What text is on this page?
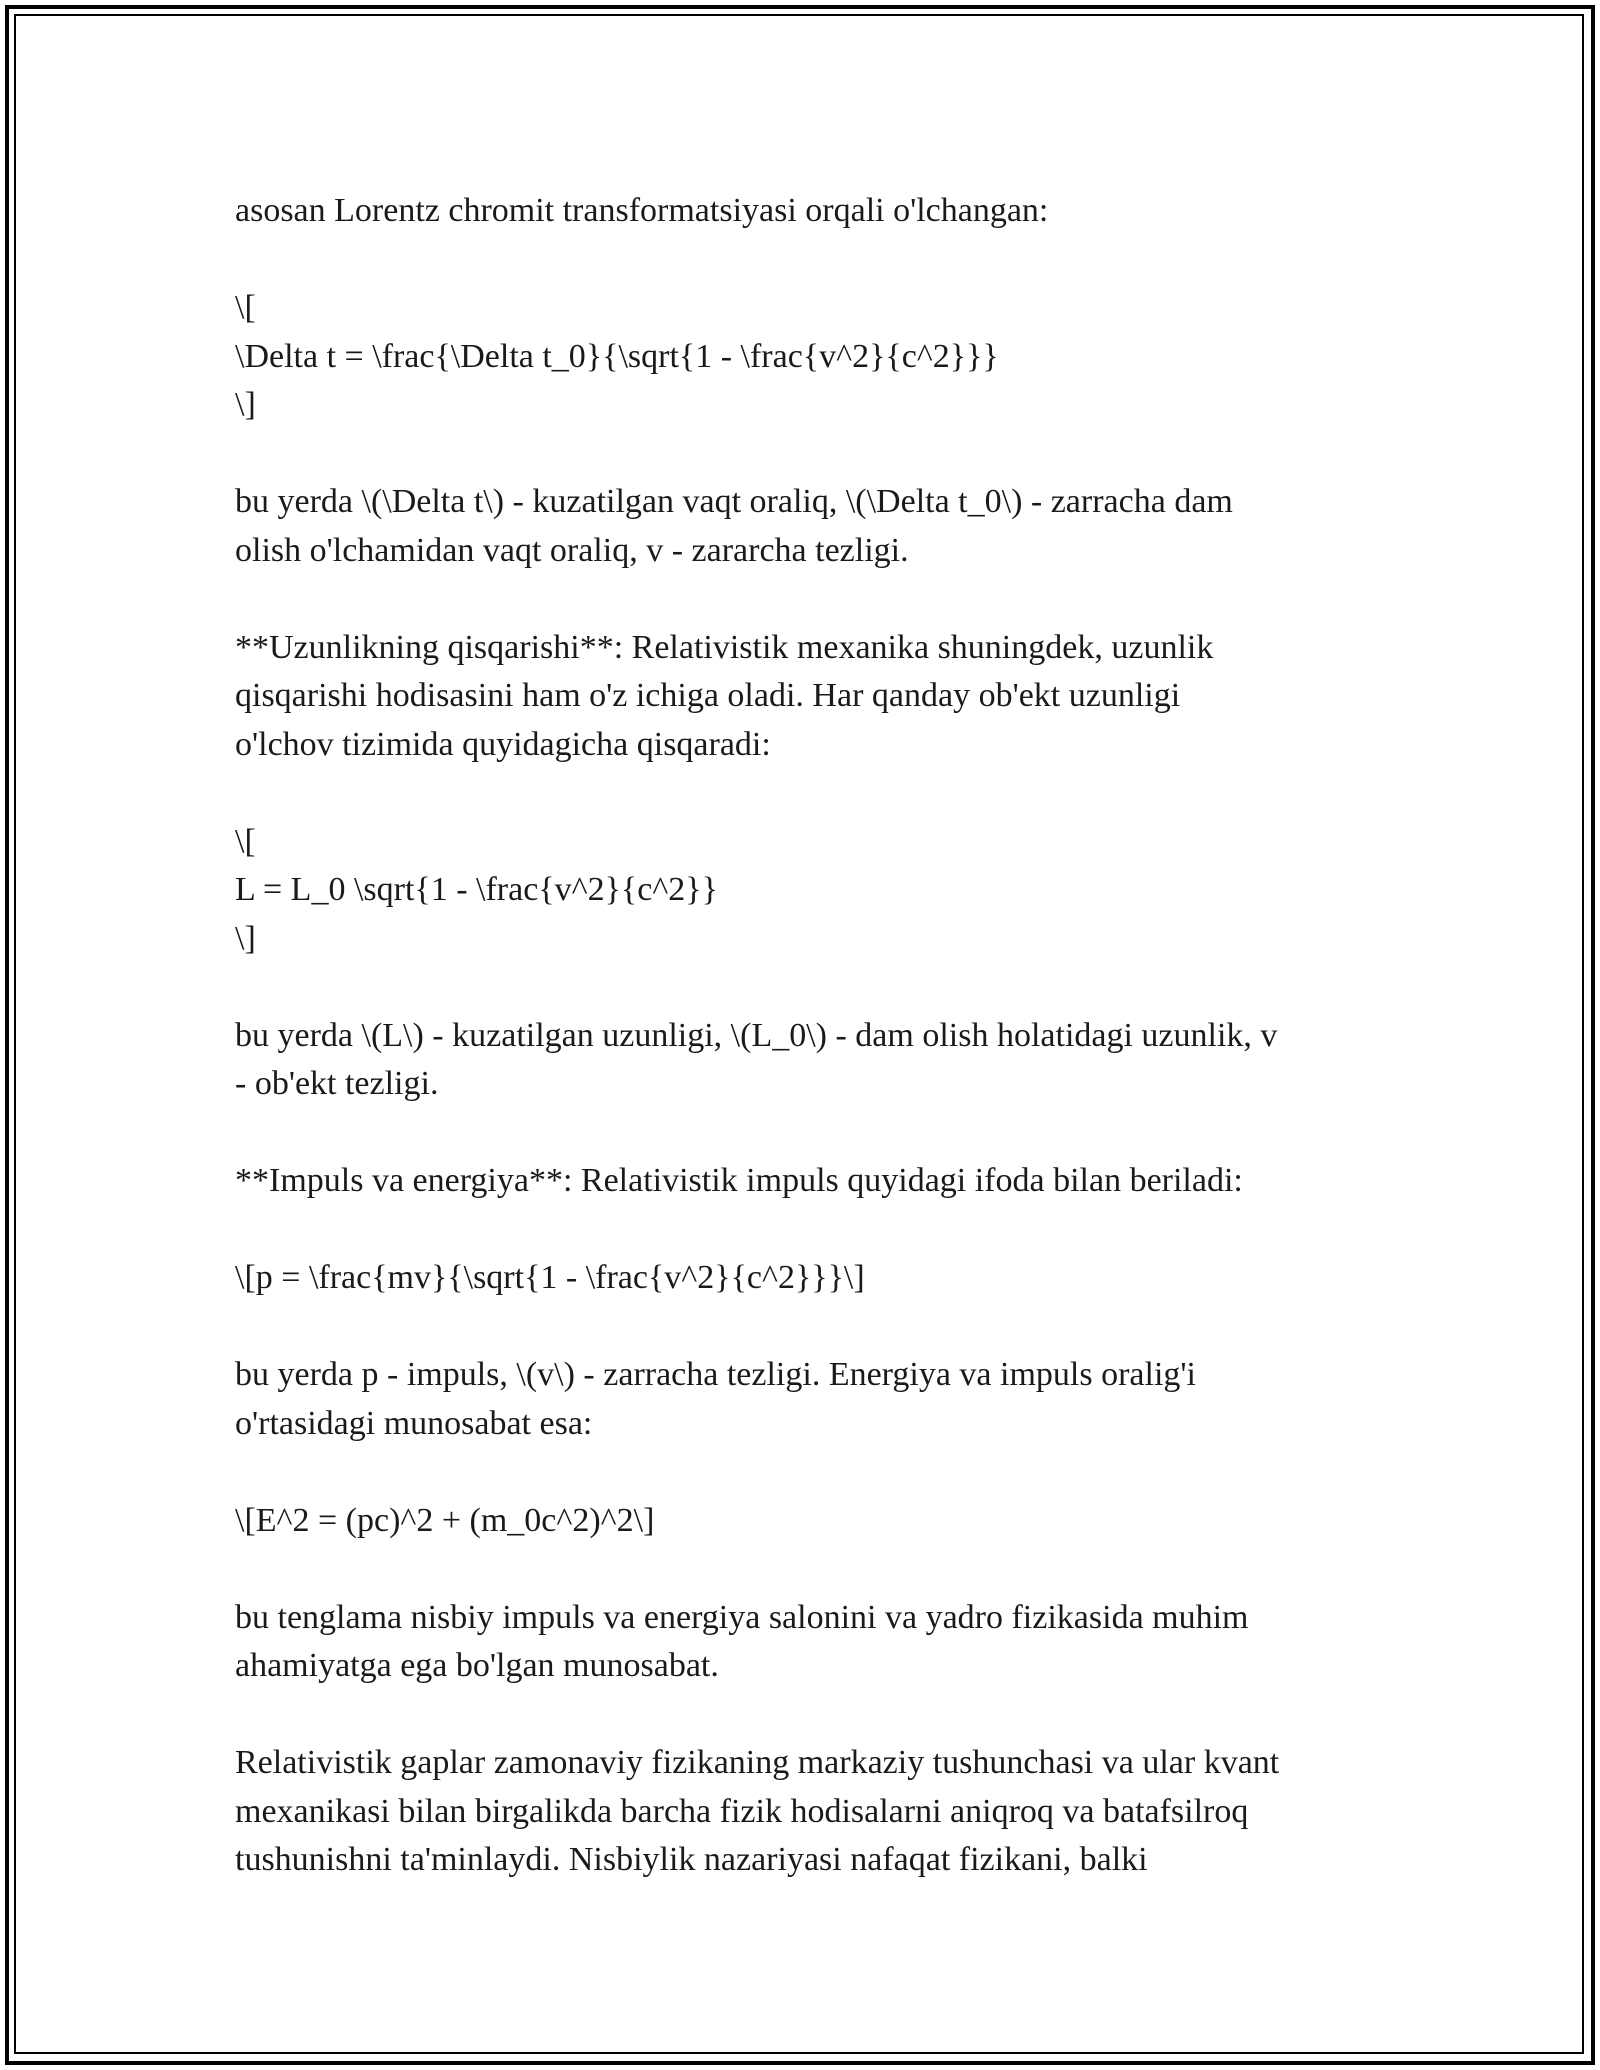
asosan Lorentz chromit transformatsiyasi orqali o'lchangan:
\[
\Delta t = \frac{\Delta t_0}{\sqrt{1 - \frac{v^2}{c^2}}}
\]
bu yerda \(\Delta t\) - kuzatilgan vaqt oraliq, \(\Delta t_0\) - zarracha dam
olish o'lchamidan vaqt oraliq, v - zararcha tezligi.
**Uzunlikning qisqarishi**: Relativistik mexanika shuningdek, uzunlik
qisqarishi hodisasini ham o'z ichiga oladi. Har qanday ob'ekt uzunligi
o'lchov tizimida quyidagicha qisqaradi:
\[
L = L_0 \sqrt{1 - \frac{v^2}{c^2}}
\]
bu yerda \(L\) - kuzatilgan uzunligi, \(L_0\) - dam olish holatidagi uzunlik, v
- ob'ekt tezligi.
**Impuls va energiya**: Relativistik impuls quyidagi ifoda bilan beriladi:
\[p = \frac{mv}{\sqrt{1 - \frac{v^2}{c^2}}}\]
bu yerda p - impuls, \(v\) - zarracha tezligi. Energiya va impuls oralig'i
o'rtasidagi munosabat esa:
\[E^2 = (pc)^2 + (m_0c^2)^2\]
bu tenglama nisbiy impuls va energiya salonini va yadro fizikasida muhim
ahamiyatga ega bo'lgan munosabat.
Relativistik gaplar zamonaviy fizikaning markaziy tushunchasi va ular kvant
mexanikasi bilan birgalikda barcha fizik hodisalarni aniqroq va batafsilroq
tushunishni ta'minlaydi. Nisbiylik nazariyasi nafaqat fizikani, balki
